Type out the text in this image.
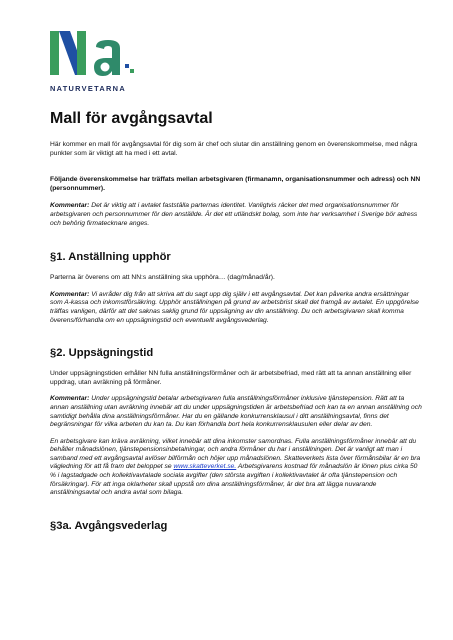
NATURVETARNA
Mall för avgångsavtal

Här kommer en mall för avgångsavtal för dig som är chef och slutar din anställning genom en överenskommelse, med några punkter som är viktigt att ha med i ett avtal.

Följande överenskommelse har träffats mellan arbetsgivaren (firmanamn, organisationsnummer och adress) och NN (personnummer).

Kommentar: Det är viktig att i avtalet fastställa parternas identitet. Vanligtvis räcker det med organisationsnummer för arbetsgivaren och personnummer för den anställde. Är det ett utländskt bolag, som inte har verksamhet i Sverige bör adress och behörig firmatecknare anges.

§1. Anställning upphör

Parterna är överens om att NN:s anställning ska upphöra… (dag/månad/år).

Kommentar: Vi avråder dig från att skriva att du sagt upp dig själv i ett avgångsavtal. Det kan påverka andra ersättningar som A-kassa och inkomstförsäkring. Upphör anställningen på grund av arbetsbrist skall det framgå av avtalet. En uppgörelse träffas vanligen, därför att det saknas saklig grund för uppsägning av din anställning. Du och arbetsgivaren skall komma överens/förhandla om en uppsägningstid och eventuellt avgångsvederlag.

§2. Uppsägningstid

Under uppsägningstiden erhåller NN fulla anställningsförmåner och är arbetsbefriad, med rätt att ta annan anställning eller uppdrag, utan avräkning på förmåner.

Kommentar: Under uppsägningstid betalar arbetsgivaren fulla anställningsförmåner inklusive tjänstepension. Rätt att ta annan anställning utan avräkning innebär att du under uppsägningstiden är arbetsbefriad och kan ta en annan anställning och samtidigt behålla dina anställningsförmåner. Har du en gällande konkurrensklausul i ditt anställningsavtal, finns det begränsningar för vilka arbeten du kan ta. Du kan förhandla bort hela konkurrensklausulen eller delar av den.

En arbetsgivare kan kräva avräkning, vilket innebär att dina inkomster samordnas. Fulla anställningsförmåner innebär att du behåller månadslönen, tjänstepensionsinbetalningar, och andra förmåner du har i anställningen. Det är vanligt att man i samband med ett avgångsavtal avlöser bilförmån och höjer upp månadslönen. Skatteverkets lista över förmånsbilar är en bra vägledning för att få fram det beloppet se www.skatteverket.se. Arbetsgivarens kostnad för månadslön är lönen plus cirka 50 % i lagstadgade och kollektivavtalade sociala avgifter (den största avgiften i kollektivavtalet är ofta tjänstepension och försäkringar). För att inga oklarheter skall uppstå om dina anställningsförmåner, är det bra att lägga nuvarande anställningsavtal och andra avtal som bilaga.

§3a. Avgångsvederlag
